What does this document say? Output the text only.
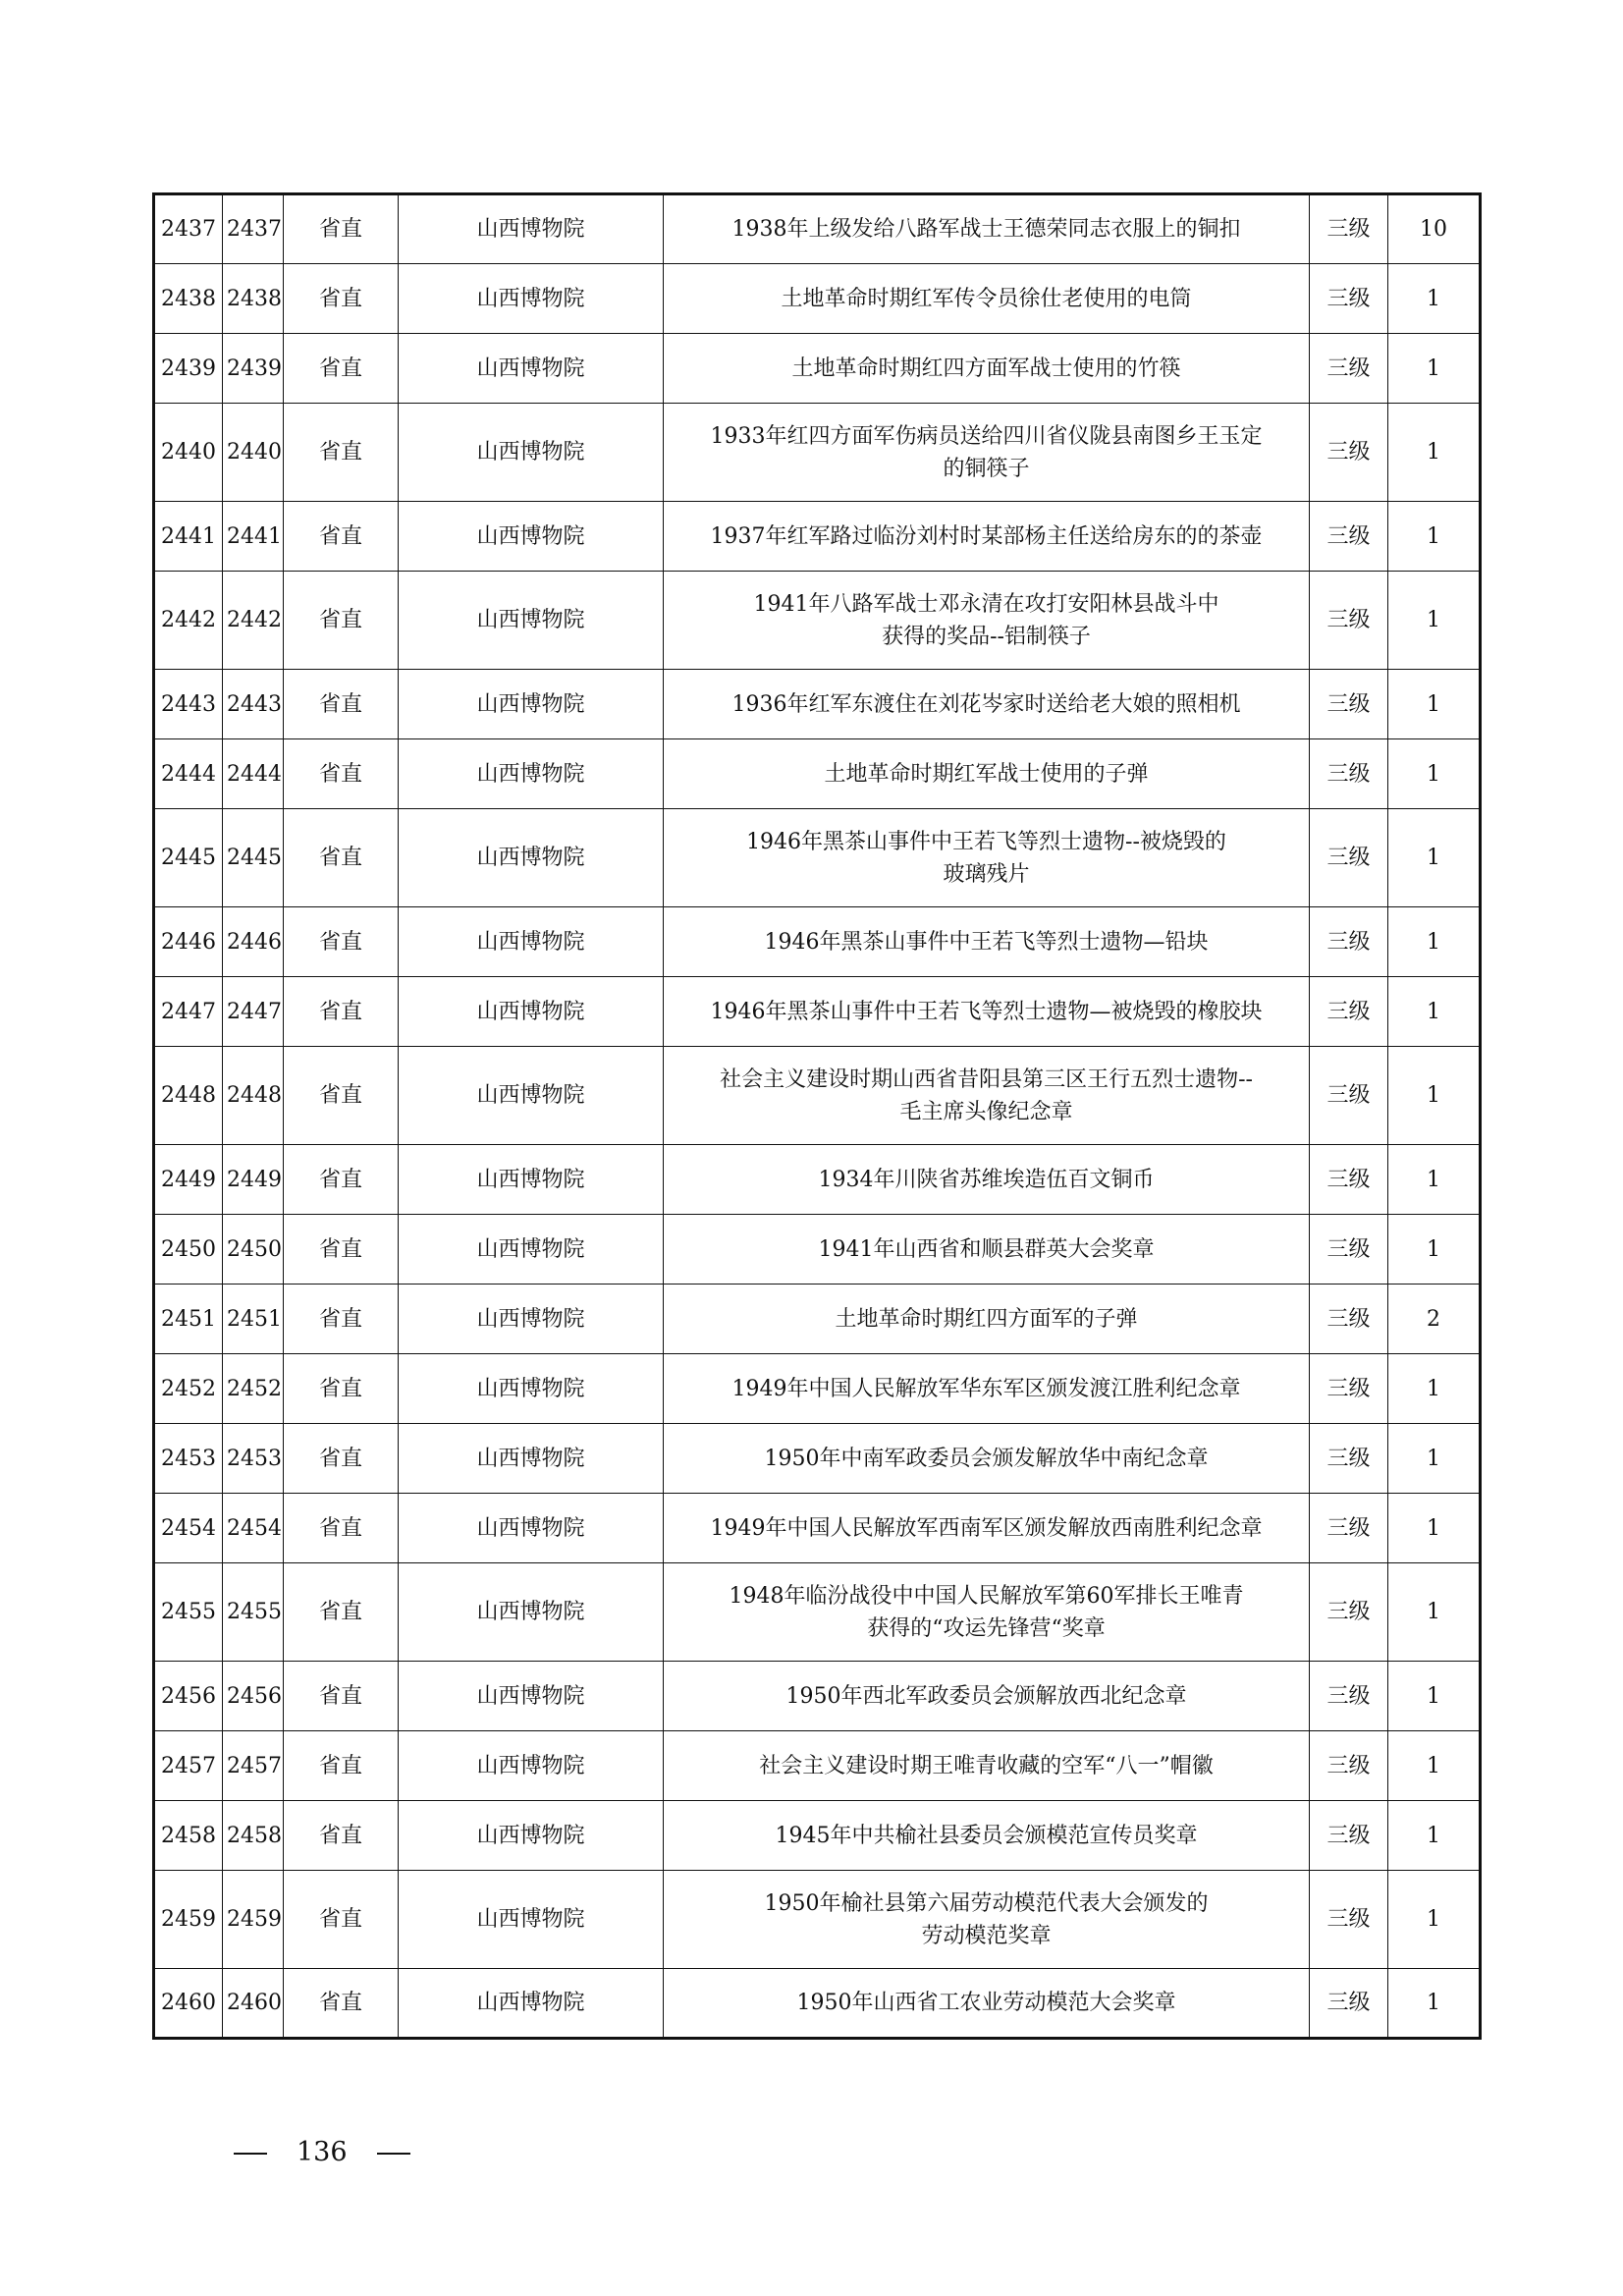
2437	2437	省直	山西博物院	1938年上级发给八路军战士王德荣同志衣服上的铜扣	三级	10
2438	2438	省直	山西博物院	土地革命时期红军传令员徐仕老使用的电筒	三级	1
2439	2439	省直	山西博物院	土地革命时期红四方面军战士使用的竹筷	三级	1
2440	2440	省直	山西博物院	1933年红四方面军伤病员送给四川省仪陇县南图乡王玉定
的铜筷子	三级	1
2441	2441	省直	山西博物院	1937年红军路过临汾刘村时某部杨主任送给房东的的茶壶	三级	1
2442	2442	省直	山西博物院	1941年八路军战士邓永清在攻打安阳林县战斗中
获得的奖品--铝制筷子	三级	1
2443	2443	省直	山西博物院	1936年红军东渡住在刘花岑家时送给老大娘的照相机	三级	1
2444	2444	省直	山西博物院	土地革命时期红军战士使用的子弹	三级	1
2445	2445	省直	山西博物院	1946年黑茶山事件中王若飞等烈士遗物--被烧毁的
玻璃残片	三级	1
2446	2446	省直	山西博物院	1946年黑茶山事件中王若飞等烈士遗物—铅块	三级	1
2447	2447	省直	山西博物院	1946年黑茶山事件中王若飞等烈士遗物—被烧毁的橡胶块	三级	1
2448	2448	省直	山西博物院	社会主义建设时期山西省昔阳县第三区王行五烈士遗物--
毛主席头像纪念章	三级	1
2449	2449	省直	山西博物院	1934年川陕省苏维埃造伍百文铜币	三级	1
2450	2450	省直	山西博物院	1941年山西省和顺县群英大会奖章	三级	1
2451	2451	省直	山西博物院	土地革命时期红四方面军的子弹	三级	2
2452	2452	省直	山西博物院	1949年中国人民解放军华东军区颁发渡江胜利纪念章	三级	1
2453	2453	省直	山西博物院	1950年中南军政委员会颁发解放华中南纪念章	三级	1
2454	2454	省直	山西博物院	1949年中国人民解放军西南军区颁发解放西南胜利纪念章	三级	1
2455	2455	省直	山西博物院	1948年临汾战役中中国人民解放军第60军排长王唯青
获得的“攻运先锋营“奖章	三级	1
2456	2456	省直	山西博物院	1950年西北军政委员会颁解放西北纪念章	三级	1
2457	2457	省直	山西博物院	社会主义建设时期王唯青收藏的空军“八一”帽徽	三级	1
2458	2458	省直	山西博物院	1945年中共榆社县委员会颁模范宣传员奖章	三级	1
2459	2459	省直	山西博物院	1950年榆社县第六届劳动模范代表大会颁发的
劳动模范奖章	三级	1
2460	2460	省直	山西博物院	1950年山西省工农业劳动模范大会奖章	三级	1
136
